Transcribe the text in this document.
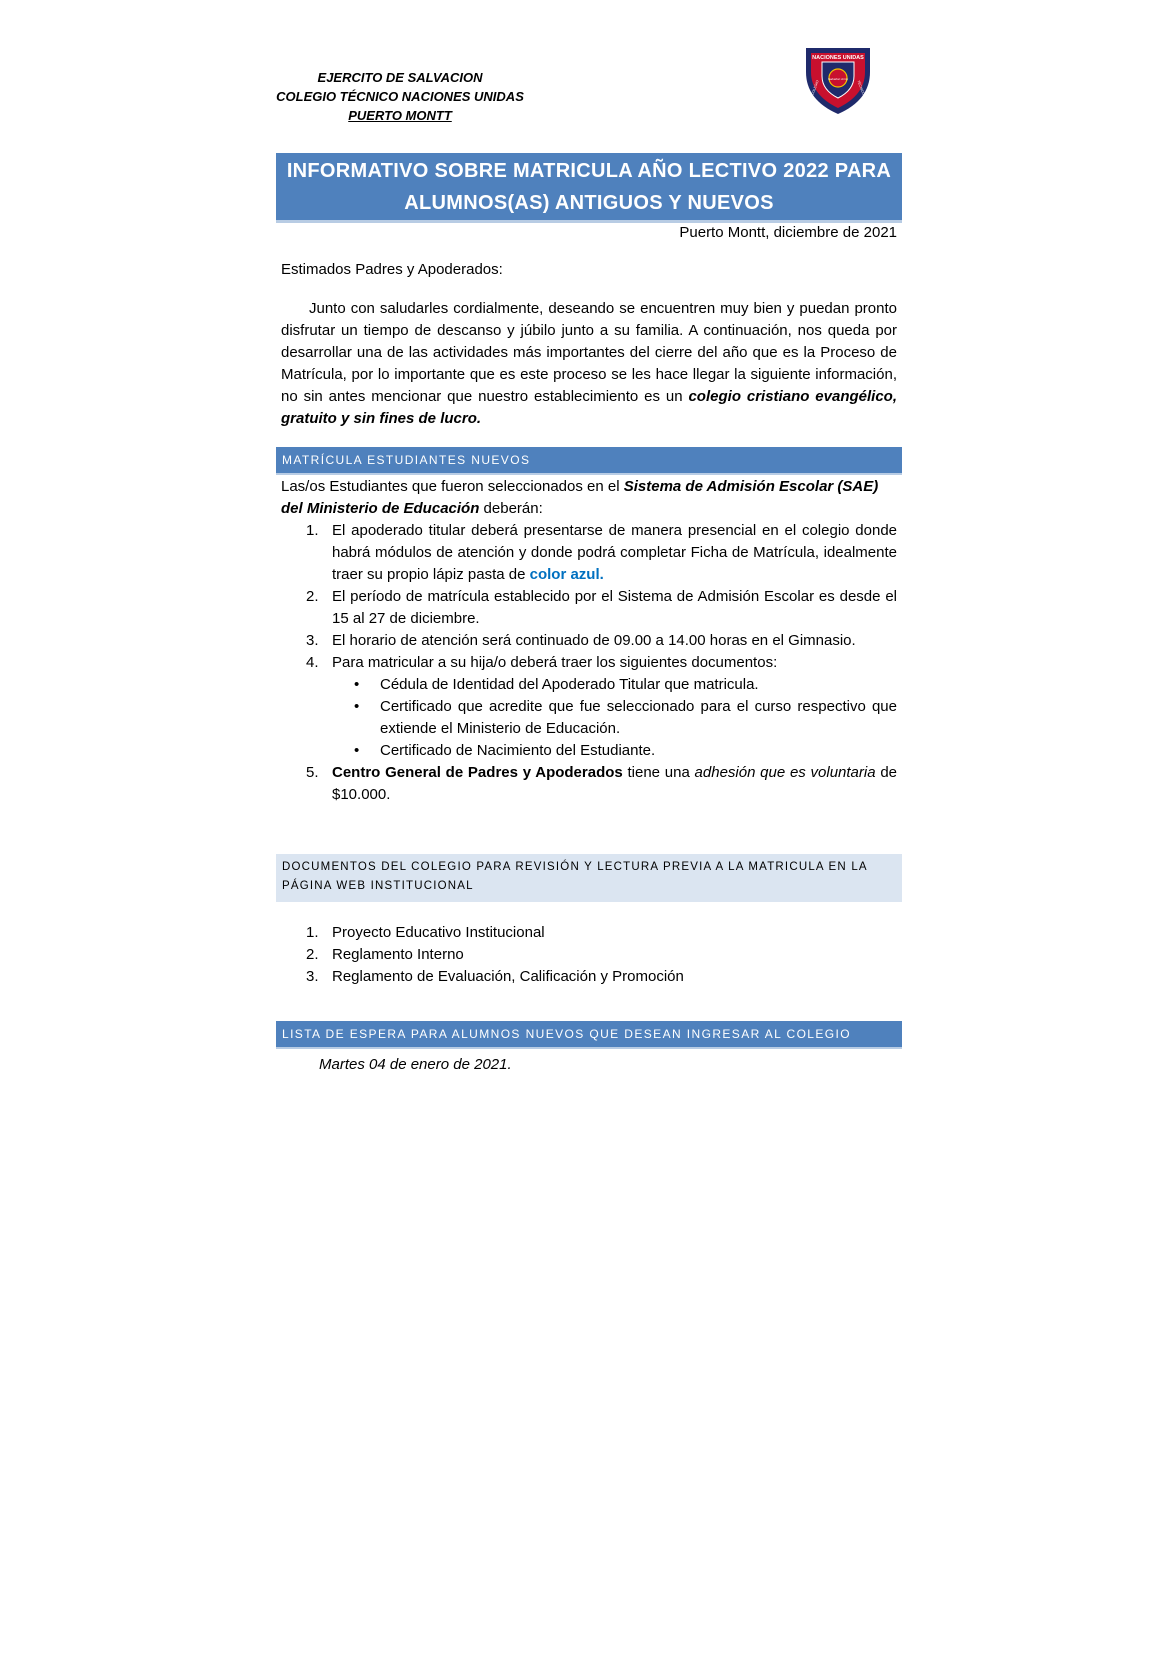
EJERCITO DE SALVACION
COLEGIO TÉCNICO NACIONES UNIDAS
PUERTO MONTT
NACIONES UNIDAS
COLEGIO	TÉCNICO
Salvation Army
INFORMATIVO SOBRE MATRICULA AÑO LECTIVO 2022 PARA
ALUMNOS(AS) ANTIGUOS Y NUEVOS
Puerto Montt, diciembre de 2021
Estimados Padres y Apoderados:
Junto con saludarles cordialmente, deseando se encuentren muy bien y puedan pronto disfrutar un tiempo de descanso y júbilo junto a su familia. A continuación, nos queda por desarrollar una de las actividades más importantes del cierre del año que es la Proceso de Matrícula, por lo importante que es este proceso se les hace llegar la siguiente información, no sin antes mencionar que nuestro establecimiento es un colegio cristiano evangélico, gratuito y sin fines de lucro.
MATRÍCULA ESTUDIANTES NUEVOS
Las/os Estudiantes que fueron seleccionados en el Sistema de Admisión Escolar (SAE) del Ministerio de Educación deberán:
1. El apoderado titular deberá presentarse de manera presencial en el colegio donde habrá módulos de atención y donde podrá completar Ficha de Matrícula, idealmente traer su propio lápiz pasta de color azul.
2. El período de matrícula establecido por el Sistema de Admisión Escolar es desde el 15 al 27 de diciembre.
3. El horario de atención será continuado de 09.00 a 14.00 horas en el Gimnasio.
4. Para matricular a su hija/o deberá traer los siguientes documentos:
• Cédula de Identidad del Apoderado Titular que matricula.
• Certificado que acredite que fue seleccionado para el curso respectivo que extiende el Ministerio de Educación.
• Certificado de Nacimiento del Estudiante.
5. Centro General de Padres y Apoderados tiene una adhesión que es voluntaria de $10.000.
DOCUMENTOS DEL COLEGIO PARA REVISIÓN Y LECTURA PREVIA A LA MATRICULA EN LA PÁGINA WEB INSTITUCIONAL
1. Proyecto Educativo Institucional
2. Reglamento Interno
3. Reglamento de Evaluación, Calificación y Promoción
LISTA DE ESPERA PARA ALUMNOS NUEVOS QUE DESEAN INGRESAR AL COLEGIO
Martes 04 de enero de 2021.
